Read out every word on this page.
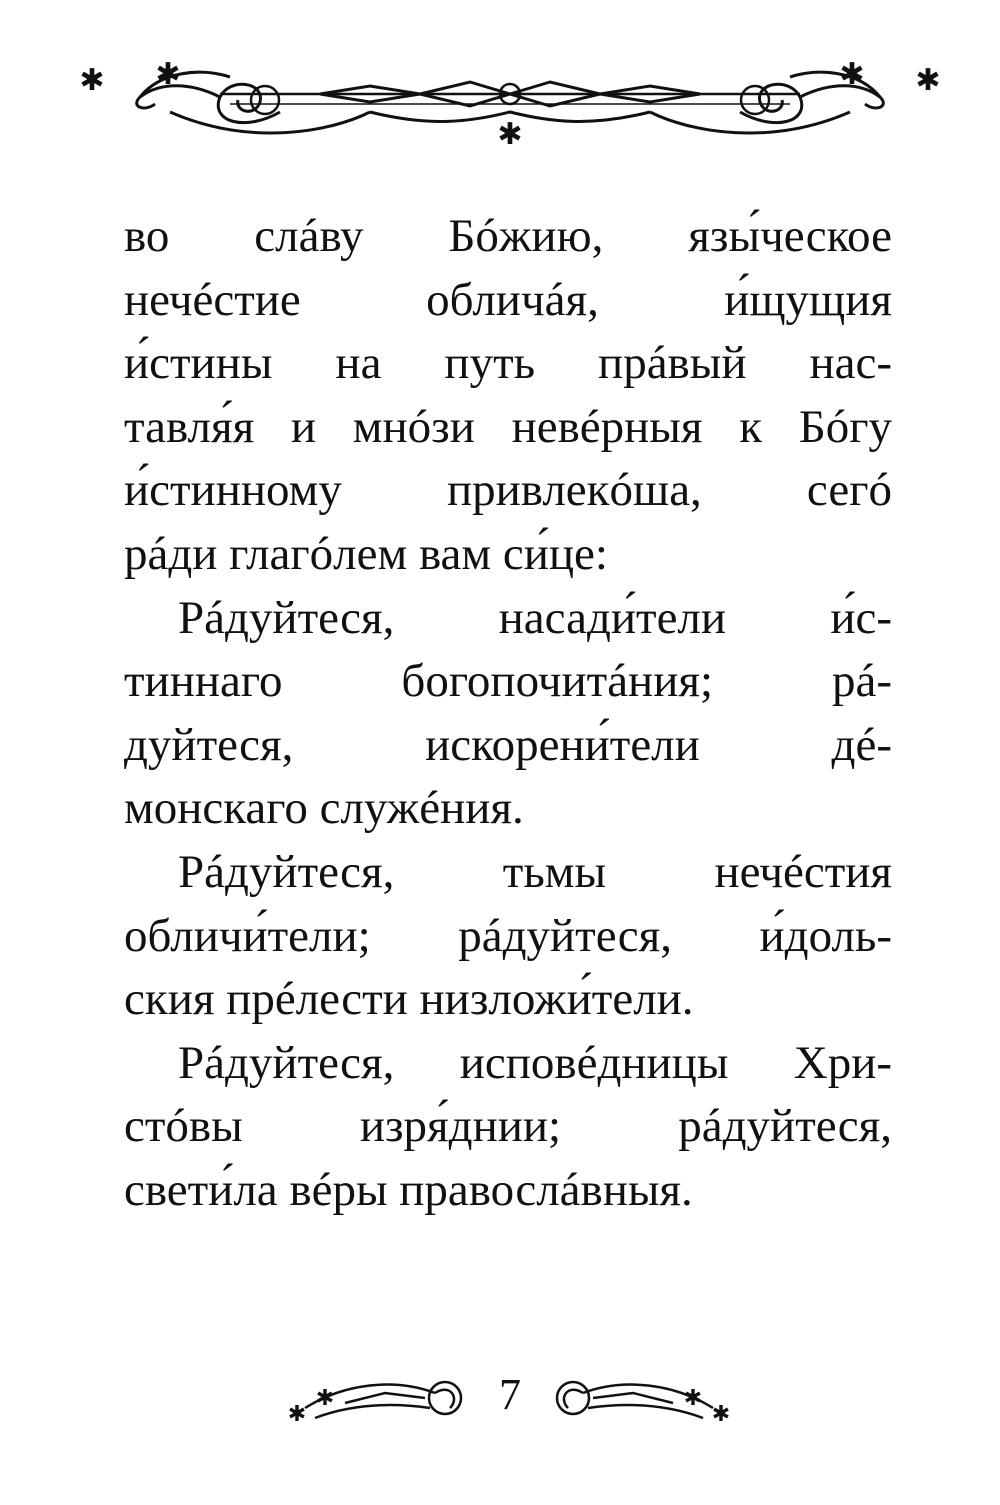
✱ ✱
✱
✱ ✱
во слáву Бóжию, язы́ческое
нечéстие обличáя, и́щущия
и́стины на путь прáвый нас-
тавля́я и мнóзи невéрныя к Бóгу
и́стинному привлекóша, сегó
рáди глагóлем вам си́це:
Рáдуйтеся, насади́тели и́с-
тиннаго богопочитáния; рá-
дуйтеся, искорени́тели дé-
монскаго служéния.
Рáдуйтеся, тьмы нечéстия
обличи́тели; рáдуйтеся, и́доль-
ския прéлести низложи́тели.
Рáдуйтеся, исповéдницы Хри-
стóвы изря́днии; рáдуйтеся,
свети́ла вéры правослáвныя.
✱
✱	7	✱
✱
